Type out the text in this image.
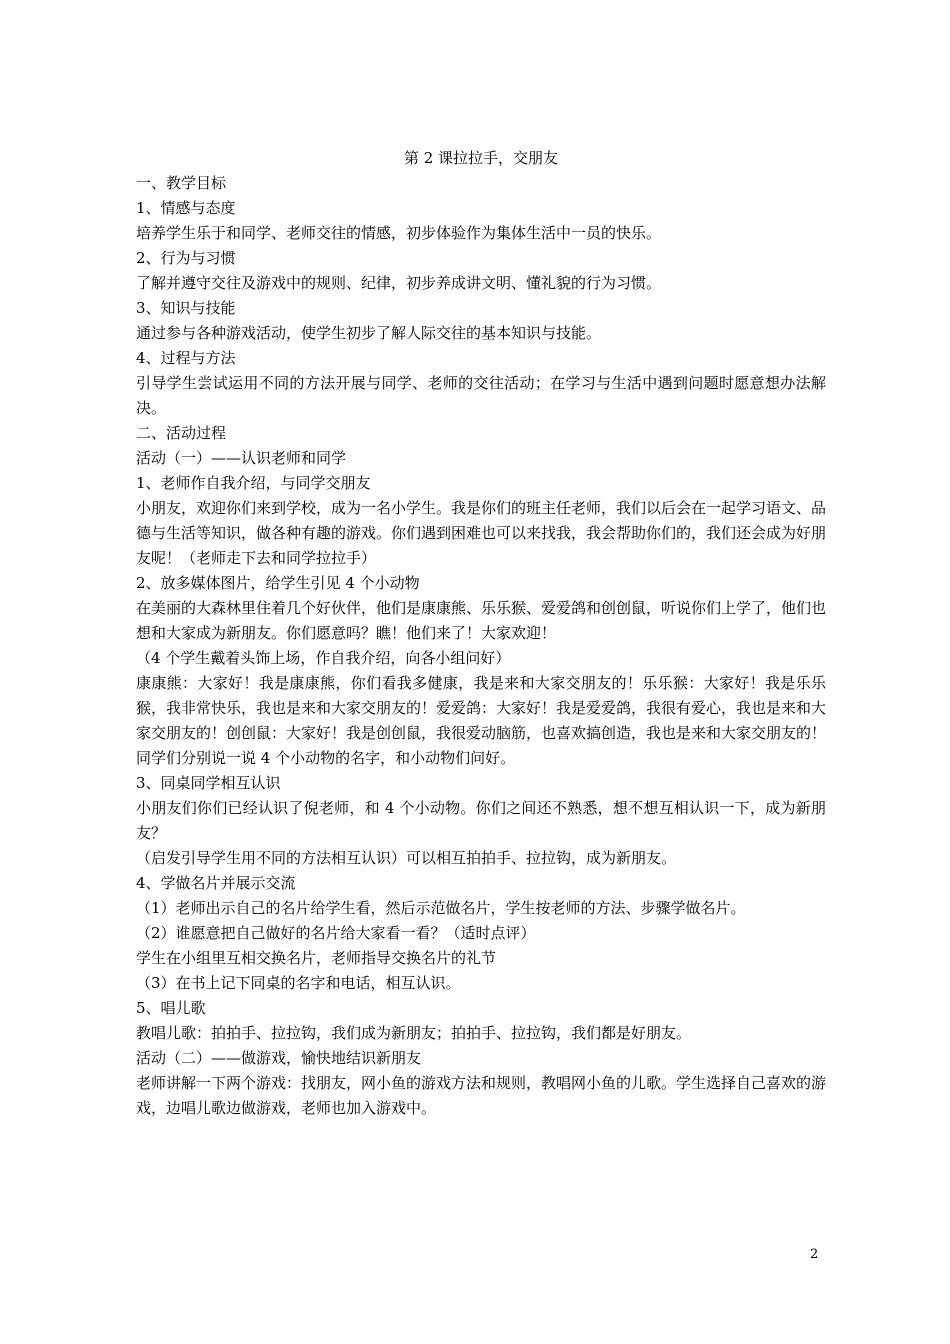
第 2 课拉拉手，交朋友
一、教学目标
1、情感与态度
培养学生乐于和同学、老师交往的情感，初步体验作为集体生活中一员的快乐。
2、行为与习惯
了解并遵守交往及游戏中的规则、纪律，初步养成讲文明、懂礼貌的行为习惯。
3、知识与技能
通过参与各种游戏活动，使学生初步了解人际交往的基本知识与技能。
4、过程与方法
引导学生尝试运用不同的方法开展与同学、老师的交往活动；在学习与生活中遇到问题时愿意想办法解决。
二、活动过程
活动（一）——认识老师和同学
1、老师作自我介绍，与同学交朋友
小朋友，欢迎你们来到学校，成为一名小学生。我是你们的班主任老师，我们以后会在一起学习语文、品德与生活等知识，做各种有趣的游戏。你们遇到困难也可以来找我，我会帮助你们的，我们还会成为好朋友呢！（老师走下去和同学拉拉手）
2、放多媒体图片，给学生引见 4 个小动物
在美丽的大森林里住着几个好伙伴，他们是康康熊、乐乐猴、爱爱鸽和创创鼠，听说你们上学了，他们也想和大家成为新朋友。你们愿意吗？瞧！他们来了！大家欢迎！
（4 个学生戴着头饰上场，作自我介绍，向各小组问好）
康康熊：大家好！我是康康熊，你们看我多健康，我是来和大家交朋友的！乐乐猴：大家好！我是乐乐猴，我非常快乐，我也是来和大家交朋友的！爱爱鸽：大家好！我是爱爱鸽，我很有爱心，我也是来和大家交朋友的！创创鼠：大家好！我是创创鼠，我很爱动脑筋，也喜欢搞创造，我也是来和大家交朋友的！
同学们分别说一说 4 个小动物的名字，和小动物们问好。
3、同桌同学相互认识
小朋友们你们已经认识了倪老师，和 4 个小动物。你们之间还不熟悉，想不想互相认识一下，成为新朋友？
（启发引导学生用不同的方法相互认识）可以相互拍拍手、拉拉钩，成为新朋友。
4、学做名片并展示交流
（1）老师出示自己的名片给学生看，然后示范做名片，学生按老师的方法、步骤学做名片。
（2）谁愿意把自己做好的名片给大家看一看？（适时点评）
学生在小组里互相交换名片，老师指导交换名片的礼节
（3）在书上记下同桌的名字和电话，相互认识。
5、唱儿歌
教唱儿歌：拍拍手、拉拉钩，我们成为新朋友；拍拍手、拉拉钩，我们都是好朋友。
活动（二）——做游戏，愉快地结识新朋友
老师讲解一下两个游戏：找朋友，网小鱼的游戏方法和规则，教唱网小鱼的儿歌。学生选择自己喜欢的游戏，边唱儿歌边做游戏，老师也加入游戏中。
2
